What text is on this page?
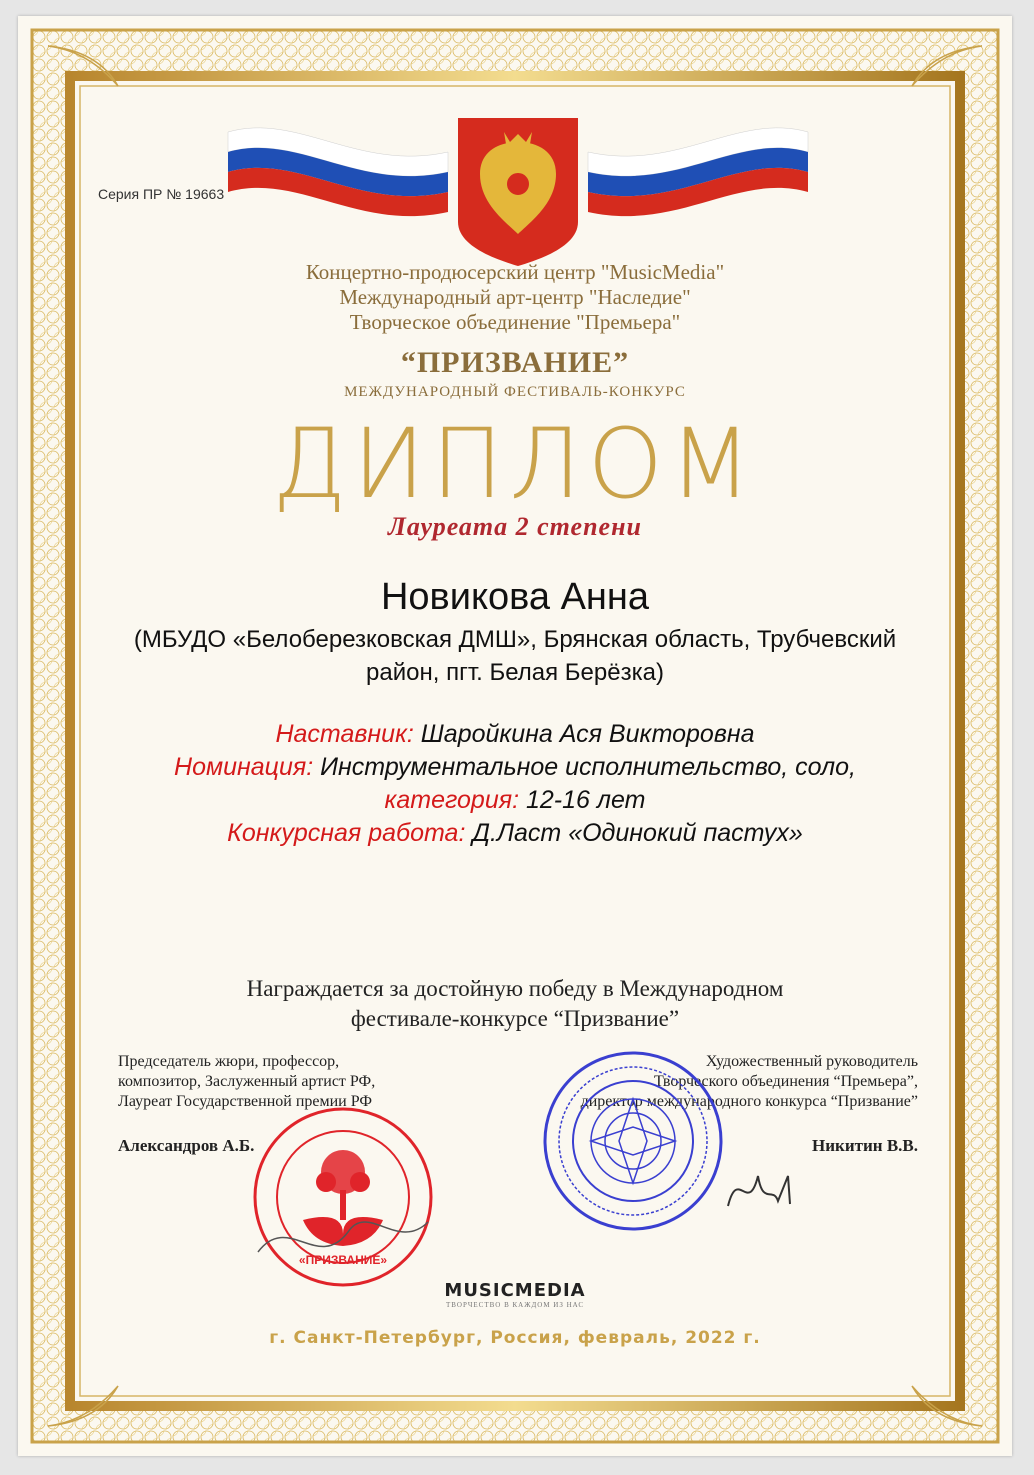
Серия ПР № 19663
Концертно-продюсерский центр "MusicMedia"
Международный арт-центр "Наследие"
Творческое объединение "Премьера"
“ПРИЗВАНИЕ”
МЕЖДУНАРОДНЫЙ ФЕСТИВАЛЬ-КОНКУРС
ДИПЛОМ
Лауреата 2 степени
Новикова Анна
(МБУДО «Белоберезковская ДМШ», Брянская область, Трубчевский
район, пгт. Белая Берёзка)
Наставник: Шаройкина Ася Викторовна
Номинация: Инструментальное исполнительство, соло,
категория: 12-16 лет
Конкурсная работа: Д.Ласт «Одинокий пастух»
Награждается за достойную победу в Международном
фестивале-конкурсе “Призвание”
Председатель жюри, профессор,
композитор, Заслуженный артист РФ,
Лауреат Государственной премии РФ
Александров А.Б.
Художественный руководитель
Творческого объединения “Премьера”,
директор международного конкурса “Призвание”
Никитин В.В.
«ПРИЗВАНИЕ»
MUSICMEDIA
ТВОРЧЕСТВО В КАЖДОМ ИЗ НАС
г. Санкт-Петербург, Россия, февраль, 2022 г.
